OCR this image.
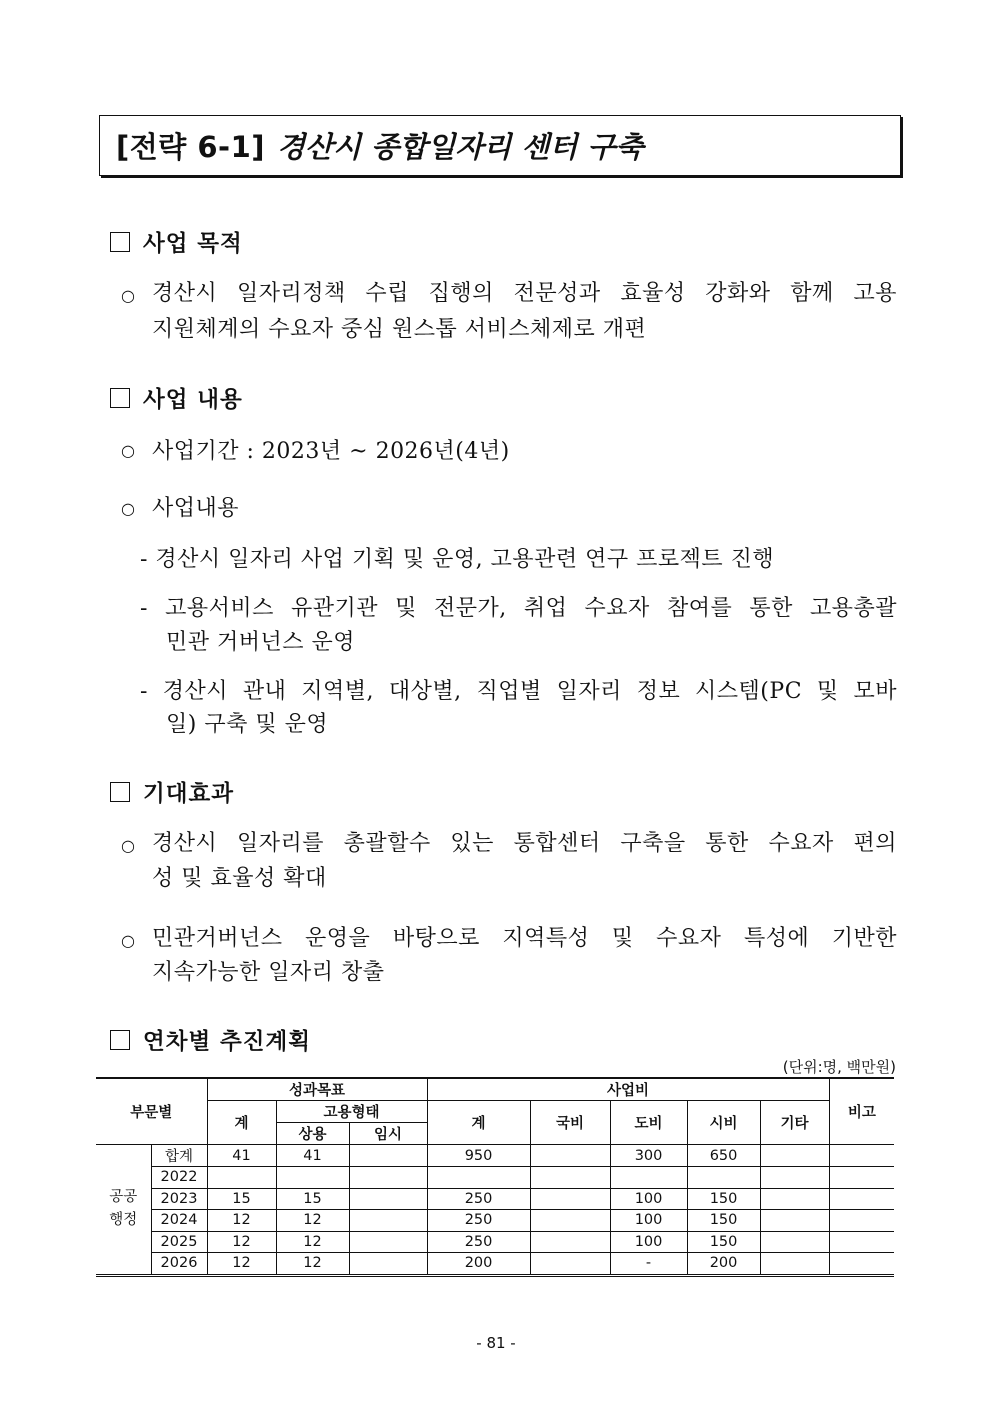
[전략 6-1] 경산시 종합일자리 센터 구축
사업 목적
○ 경산시 일자리정책 수립 집행의 전문성과 효율성 강화와 함께 고용
지원체계의 수요자 중심 원스톱 서비스체제로 개편
사업 내용
○ 사업기간 : 2023년 ~ 2026년(4년)
○ 사업내용
- 경산시 일자리 사업 기획 및 운영, 고용관련 연구 프로젝트 진행
- 고용서비스 유관기관 및 전문가, 취업 수요자 참여를 통한 고용총괄
민관 거버넌스 운영
- 경산시 관내 지역별, 대상별, 직업별 일자리 정보 시스템(PC 및 모바
일) 구축 및 운영
기대효과
○ 경산시 일자리를 총괄할수 있는 통합센터 구축을 통한 수요자 편의
성 및 효율성 확대
○ 민관거버넌스 운영을 바탕으로 지역특성 및 수요자 특성에 기반한
지속가능한 일자리 창출
연차별 추진계획
(단위:명, 백만원)
부문별		성과목표			사업비					비고
		계	고용형태		계	국비	도비	시비	기타	
			상용	임시						

공공
행정	합계	41	41		950		300	650		
	2022									
	2023	15	15		250		100	150		
	2024	12	12		250		100	150		
	2025	12	12		250		100	150		
	2026	12	12		200		-	200		
- 81 -
